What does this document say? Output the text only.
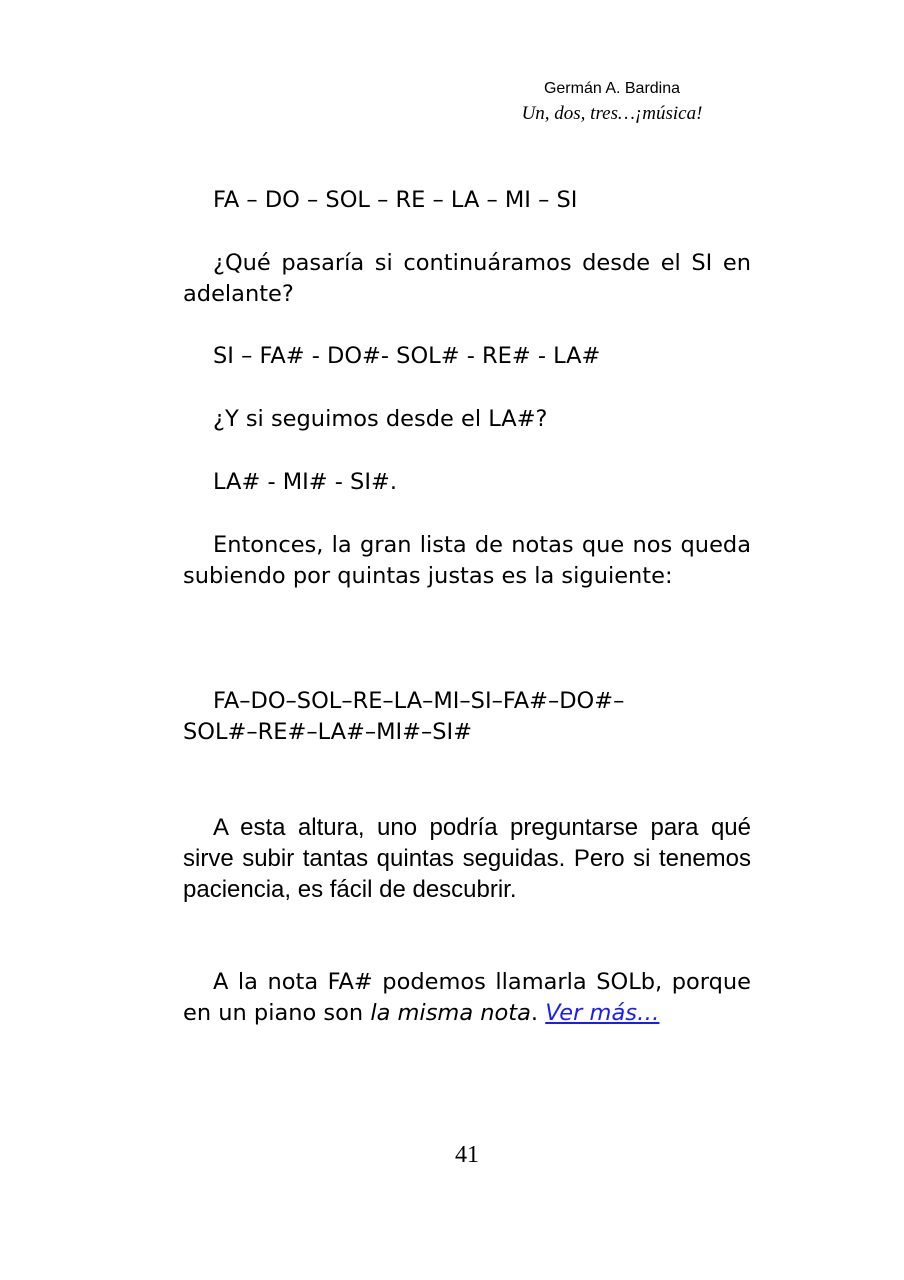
Germán A. Bardina
Un, dos, tres…¡música!
FA – DO – SOL – RE – LA – MI – SI
¿Qué pasaría si continuáramos desde el SI en adelante?
SI – FA# - DO#- SOL# - RE# - LA#
¿Y si seguimos desde el LA#?
LA# - MI# - SI#.
Entonces, la gran lista de notas que nos queda subiendo por quintas justas es la siguiente:
FA–DO–SOL–RE–LA–MI–SI–FA#–DO#–
SOL#–RE#–LA#–MI#–SI#
A esta altura, uno podría preguntarse para qué sirve subir tantas quintas seguidas. Pero si tenemos paciencia, es fácil de descubrir.
A la nota FA# podemos llamarla SOLb, porque en un piano son la misma nota. Ver más…
41
